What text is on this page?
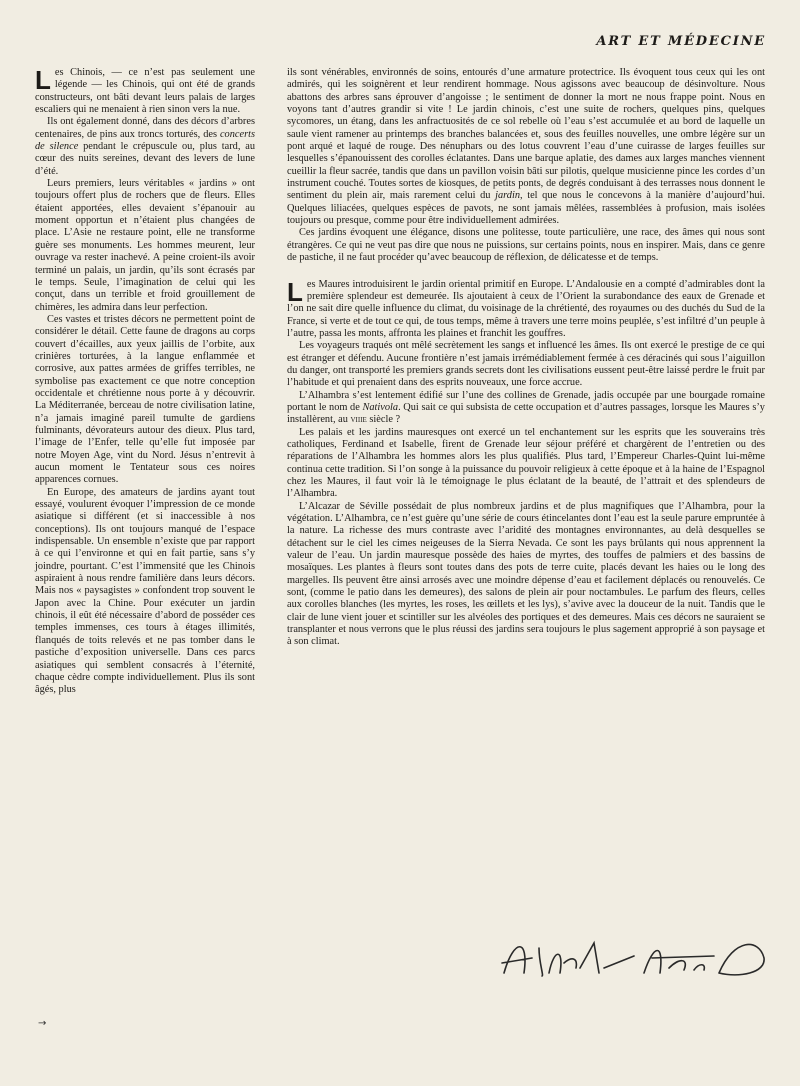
ART ET MÉDECINE

Les Chinois, — ce n’est pas seulement une légende — les Chinois, qui ont été de grands constructeurs, ont bâti devant leurs palais de larges escaliers qui ne menaient à rien sinon vers la nue.

Ils ont également donné, dans des décors d’arbres centenaires, de pins aux troncs torturés, des concerts de silence pendant le crépuscule ou, plus tard, au cœur des nuits sereines, devant des levers de lune d’été.

Leurs premiers, leurs véritables « jardins » ont toujours offert plus de rochers que de fleurs. Elles étaient apportées, elles devaient s’épanouir au moment opportun et n’étaient plus changées de place. L’Asie ne restaure point, elle ne transforme guère ses monuments. Les hommes meurent, leur ouvrage va rester inachevé. A peine croient-ils avoir terminé un palais, un jardin, qu’ils sont écrasés par le temps. Seule, l’imagination de celui qui les conçut, dans un terrible et froid grouillement de chimères, les admira dans leur perfection.

Ces vastes et tristes décors ne permettent point de considérer le détail. Cette faune de dragons au corps couvert d’écailles, aux yeux jaillis de l’orbite, aux crinières torturées, à la langue enflammée et corrosive, aux pattes armées de griffes terribles, ne symbolise pas exactement ce que notre conception occidentale et chrétienne nous porte à y découvrir. La Méditerranée, berceau de notre civilisation latine, n’a jamais imaginé pareil tumulte de gardiens fulminants, dévorateurs autour des dieux. Plus tard, l’image de l’Enfer, telle qu’elle fut imposée par notre Moyen Age, vint du Nord. Jésus n’entrevit à aucun moment le Tentateur sous ces noires apparences cornues.

En Europe, des amateurs de jardins ayant tout essayé, voulurent évoquer l’impression de ce monde asiatique si différent (et si inaccessible à nos conceptions). Ils ont toujours manqué de l’espace indispensable. Un ensemble n’existe que par rapport à ce qui l’environne et qui en fait partie, sans s’y joindre, pourtant. C’est l’immensité que les Chinois aspiraient à nous rendre familière dans leurs décors. Mais nos « paysagistes » confondent trop souvent le Japon avec la Chine. Pour exécuter un jardin chinois, il eût été nécessaire d’abord de posséder ces temples immenses, ces tours à étages illimités, flanqués de toits relevés et ne pas tomber dans le pastiche d’exposition universelle. Dans ces parcs asiatiques qui semblent consacrés à l’éternité, chaque cèdre compte individuellement. Plus ils sont âgés, plus

ils sont vénérables, environnés de soins, entourés d’une armature protectrice. Ils évoquent tous ceux qui les ont admirés, qui les soignèrent et leur rendirent hommage. Nous agissons avec beaucoup de désinvolture. Nous abattons des arbres sans éprouver d’angoisse ; le sentiment de donner la mort ne nous frappe point. Nous en voyons tant d’autres grandir si vite ! Le jardin chinois, c’est une suite de rochers, quelques pins, quelques sycomores, un étang, dans les anfractuosités de ce sol rebelle où l’eau s’est accumulée et au bord de laquelle un saule vient ramener au printemps des branches balancées et, sous des feuilles nouvelles, une ombre légère sur un pont arqué et laqué de rouge. Des nénuphars ou des lotus couvrent l’eau d’une cuirasse de larges feuilles sur lesquelles s’épanouissent des corolles éclatantes. Dans une barque aplatie, des dames aux larges manches viennent cueillir la fleur sacrée, tandis que dans un pavillon voisin bâti sur pilotis, quelque musicienne pince les cordes d’un instrument couché. Toutes sortes de kiosques, de petits ponts, de degrés conduisant à des terrasses nous donnent le sentiment du plein air, mais rarement celui du jardin, tel que nous le concevons à la manière d’aujourd’hui. Quelques liliacées, quelques espèces de pavots, ne sont jamais mêlées, rassemblées à profusion, mais isolées toujours ou presque, comme pour être individuellement admirées.

Ces jardins évoquent une élégance, disons une politesse, toute particulière, une race, des âmes qui nous sont étrangères. Ce qui ne veut pas dire que nous ne puissions, sur certains points, nous en inspirer. Mais, dans ce genre de pastiche, il ne faut procéder qu’avec beaucoup de réflexion, de délicatesse et de temps.

Les Maures introduisirent le jardin oriental primitif en Europe. L’Andalousie en a compté d’admirables dont la première splendeur est demeurée. Ils ajoutaient à ceux de l’Orient la surabondance des eaux de Grenade et l’on ne sait dire quelle influence du climat, du voisinage de la chrétienté, des royaumes ou des duchés du Sud de la France, si verte et de tout ce qui, de tous temps, même à travers une terre moins peuplée, s’est infiltré d’un peuple à l’autre, passa les monts, affronta les plaines et franchit les gouffres.

Les voyageurs traqués ont mêlé secrètement les sangs et influencé les âmes. Ils ont exercé le prestige de ce qui est étranger et défendu. Aucune frontière n’est jamais irrémédiablement fermée à ces déracinés qui sous l’aiguillon du danger, ont transporté les premiers grands secrets dont les civilisations eussent peut-être laissé perdre le fruit par l’habitude et qui prenaient dans des esprits nouveaux, une force accrue.

L’Alhambra s’est lentement édifié sur l’une des collines de Grenade, jadis occupée par une bourgade romaine portant le nom de Nativola. Qui sait ce qui subsista de cette occupation et d’autres passages, lorsque les Maures s’y installèrent, au viiie siècle ?

Les palais et les jardins mauresques ont exercé un tel enchantement sur les esprits que les souverains très catholiques, Ferdinand et Isabelle, firent de Grenade leur séjour préféré et chargèrent de l’entretien ou des réparations de l’Alhambra les hommes alors les plus qualifiés. Plus tard, l’Empereur Charles-Quint lui-même continua cette tradition. Si l’on songe à la puissance du pouvoir religieux à cette époque et à la haine de l’Espagnol chez les Maures, il faut voir là le témoignage le plus éclatant de la beauté, de l’attrait et des splendeurs de l’Alhambra.

L’Alcazar de Séville possédait de plus nombreux jardins et de plus magnifiques que l’Alhambra, pour la végétation. L’Alhambra, ce n’est guère qu’une série de cours étincelantes dont l’eau est la seule parure empruntée à la nature. La richesse des murs contraste avec l’aridité des montagnes environnantes, au delà desquelles se détachent sur le ciel les cimes neigeuses de la Sierra Nevada. Ce sont les pays brûlants qui nous apprennent la valeur de l’eau. Un jardin mauresque possède des haies de myrtes, des touffes de palmiers et des bassins de mosaïques. Les plantes à fleurs sont toutes dans des pots de terre cuite, placés devant les haies ou le long des margelles. Ils peuvent être ainsi arrosés avec une moindre dépense d’eau et facilement déplacés ou renouvelés. Ce sont, (comme le patio dans les demeures), des salons de plein air pour noctambules. Le parfum des fleurs, celles aux corolles blanches (les myrtes, les roses, les œillets et les lys), s’avive avec la douceur de la nuit. Tandis que le clair de lune vient jouer et scintiller sur les alvéoles des portiques et des demeures. Mais ces décors ne sauraient se transplanter et nous verrons que le plus réussi des jardins sera toujours le plus sagement approprié à son paysage et à son climat.

→
